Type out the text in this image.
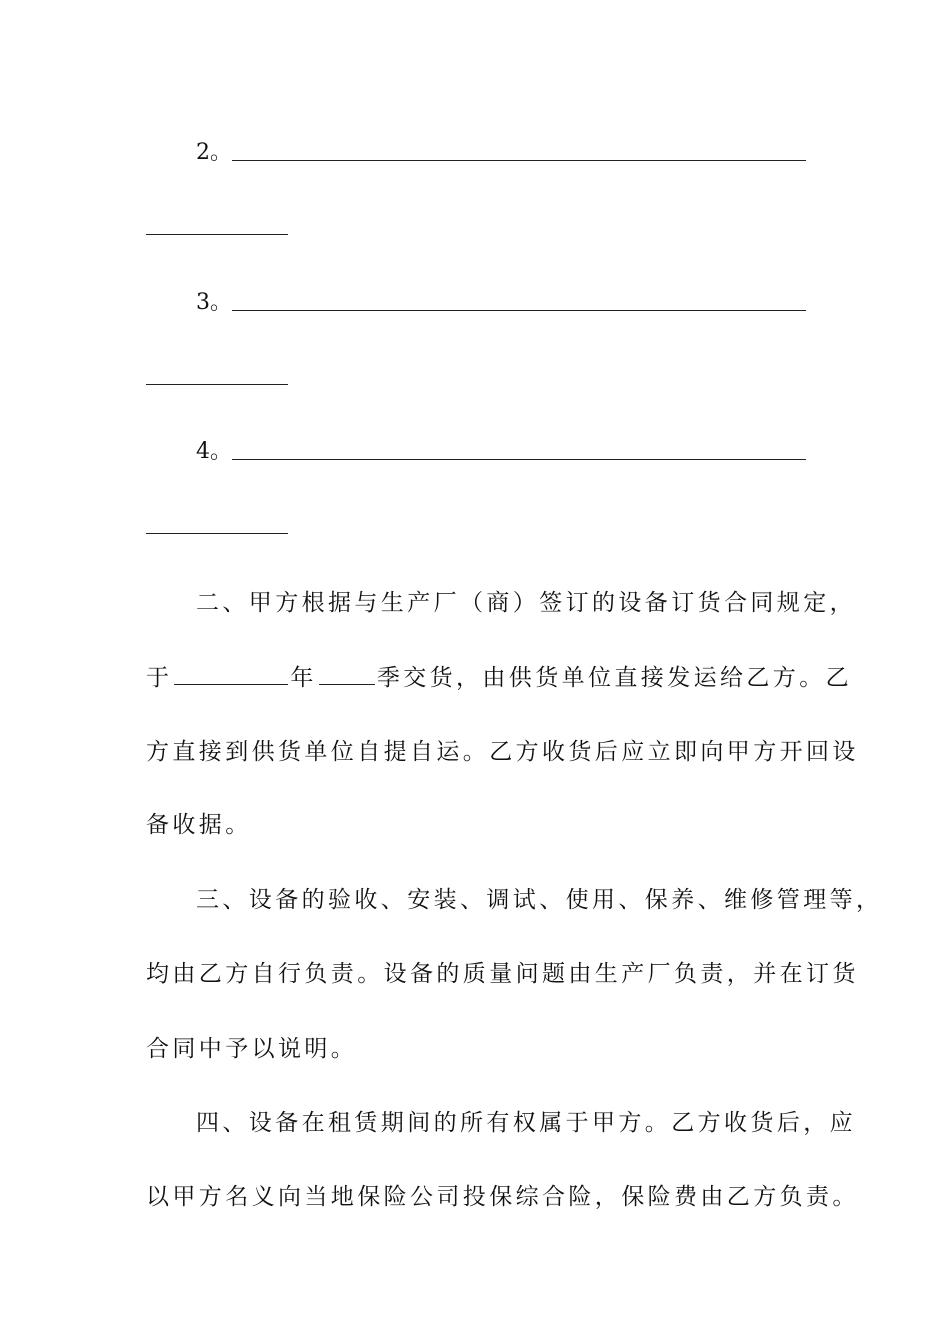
2。
3。
4。
二、甲方根据与生产厂（商）签订的设备订货合同规定，
于	年	季交货，由供货单位直接发运给乙方。乙
方直接到供货单位自提自运。乙方收货后应立即向甲方开回设
备收据。
三、设备的验收、安装、调试、使用、保养、维修管理等，
均由乙方自行负责。设备的质量问题由生产厂负责，并在订货
合同中予以说明。
四、设备在租赁期间的所有权属于甲方。乙方收货后，应
以甲方名义向当地保险公司投保综合险，保险费由乙方负责。
